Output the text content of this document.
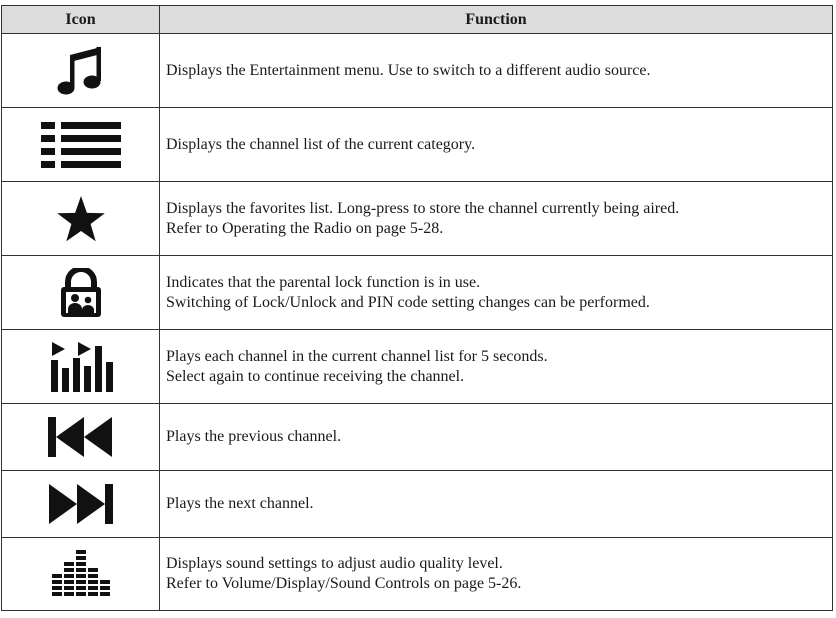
Icon	Function

Displays the Entertainment menu. Use to switch to a different audio source.

Displays the channel list of the current category.

Displays the favorites list. Long-press to store the channel currently being aired.
Refer to Operating the Radio on page 5-28.

Indicates that the parental lock function is in use.
Switching of Lock/Unlock and PIN code setting changes can be performed.

Plays each channel in the current channel list for 5 seconds.
Select again to continue receiving the channel.

Plays the previous channel.

Plays the next channel.

Displays sound settings to adjust audio quality level.
Refer to Volume/Display/Sound Controls on page 5-26.
